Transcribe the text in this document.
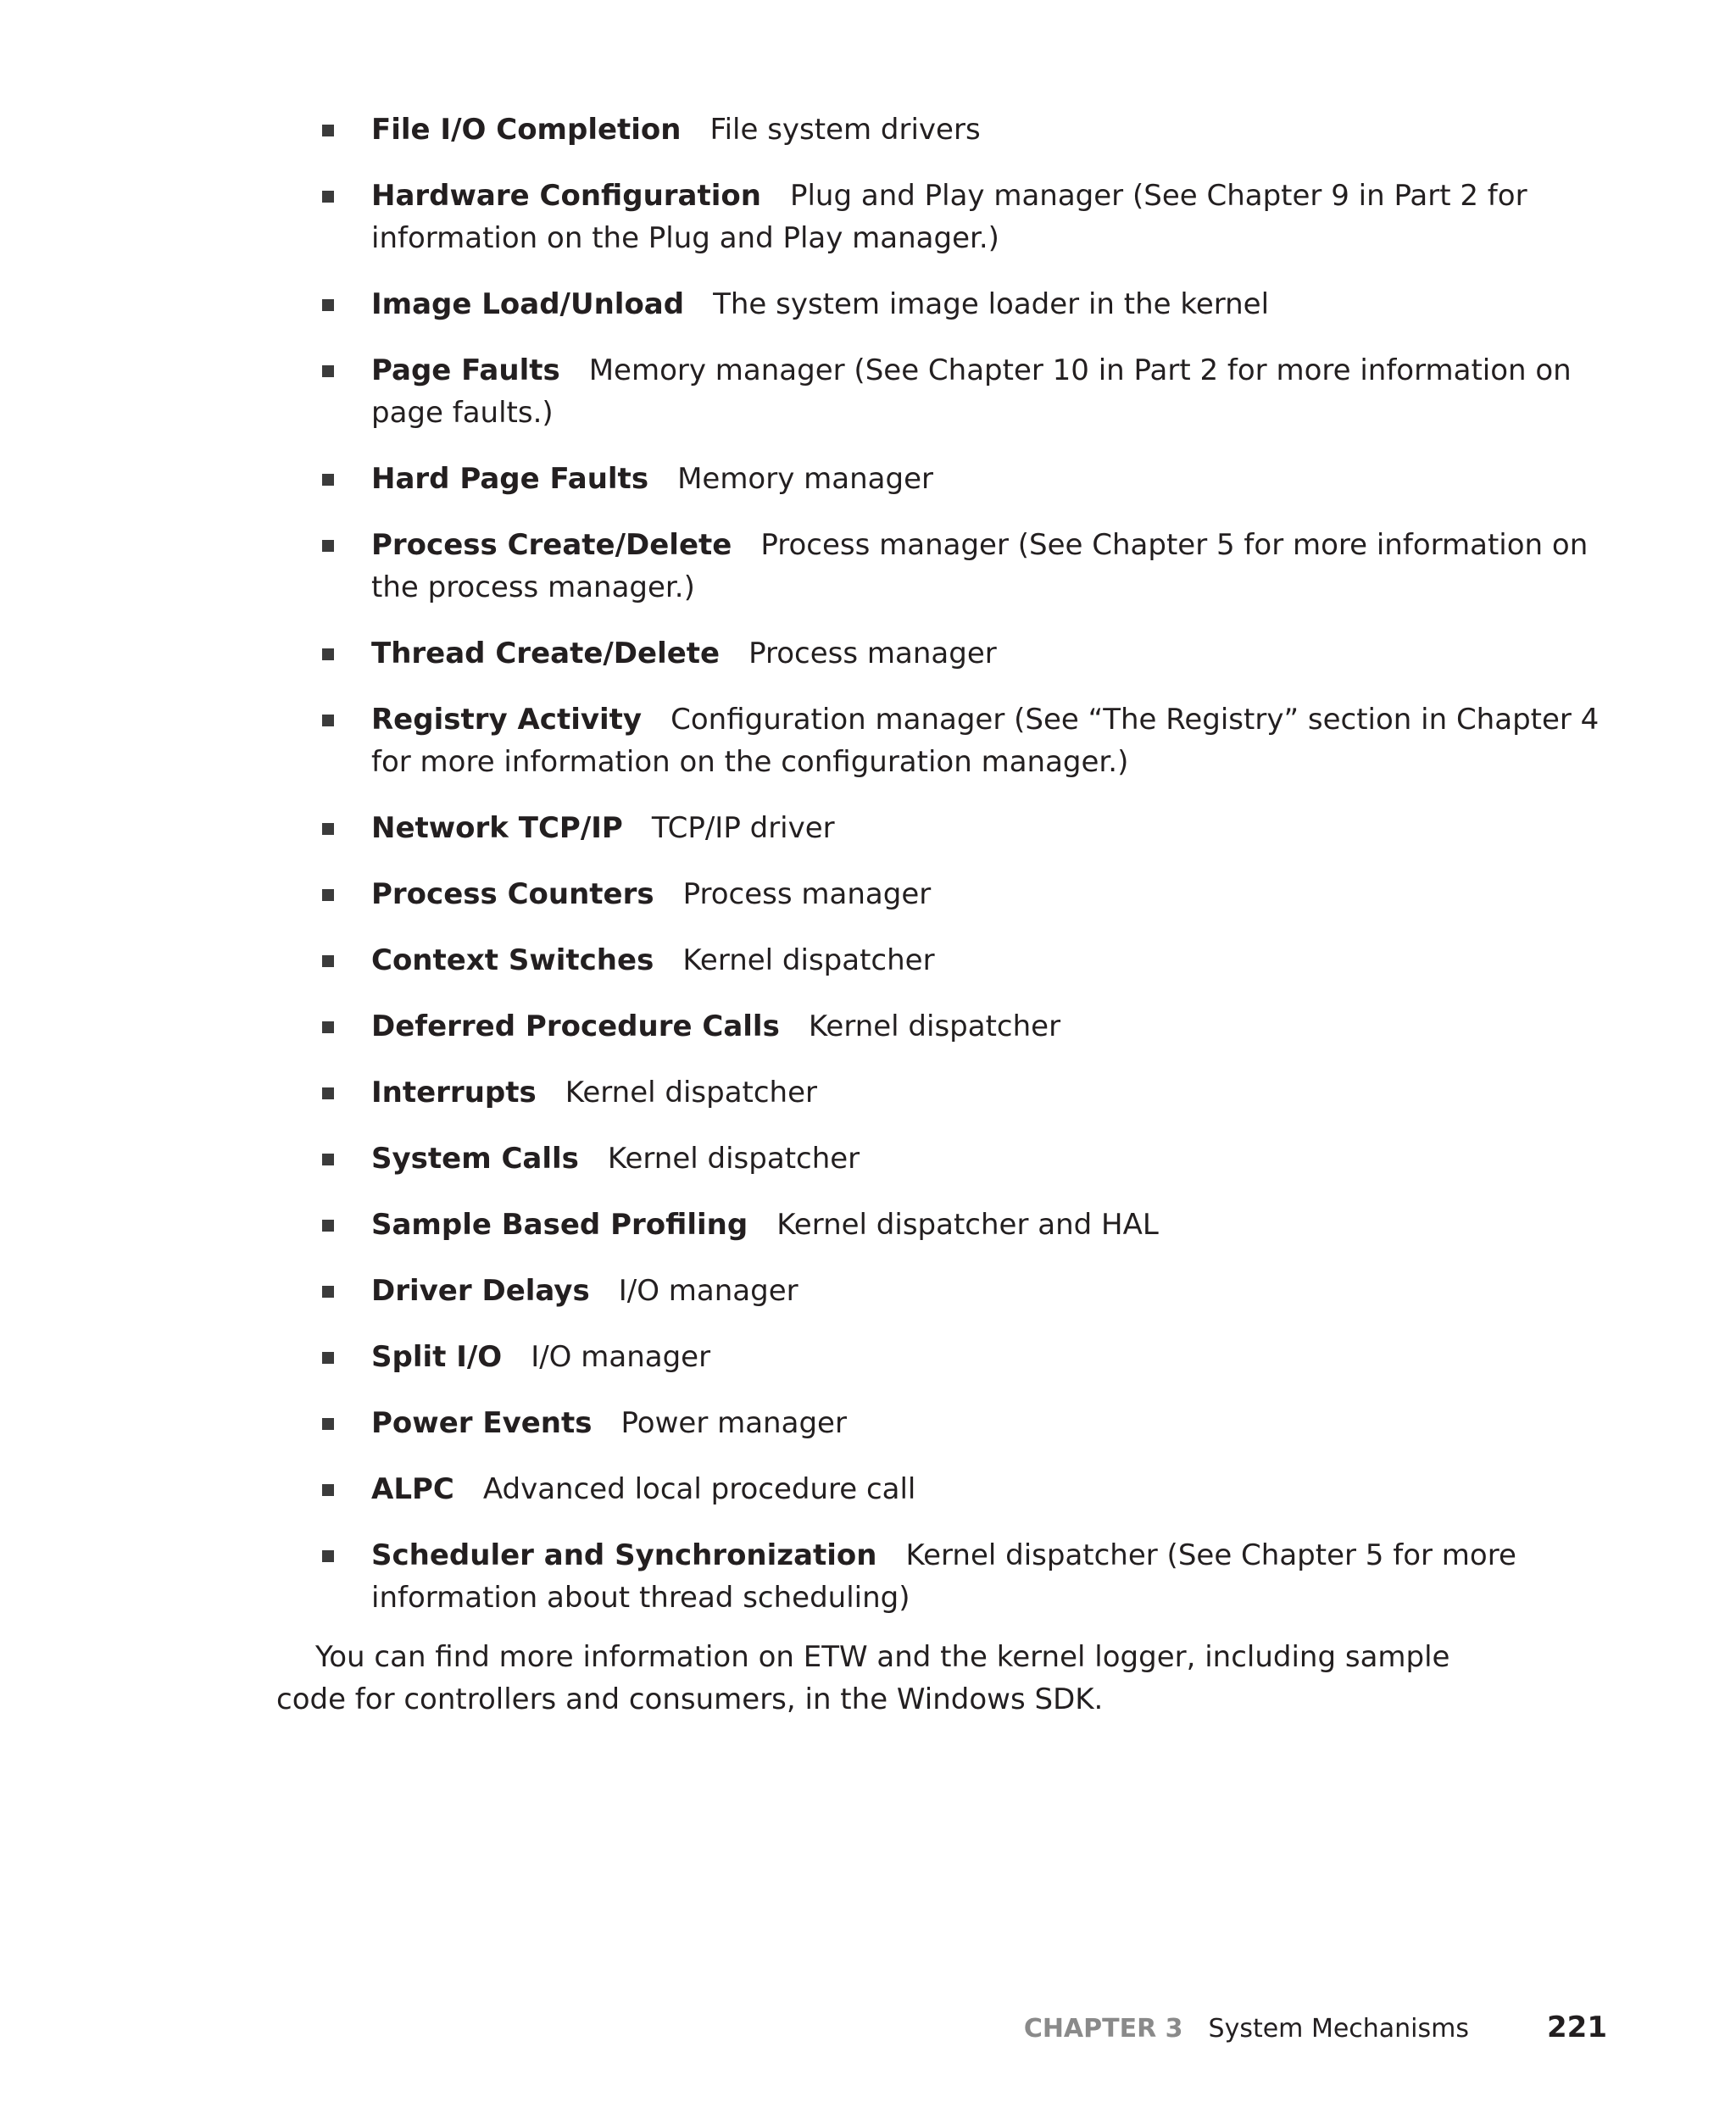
File I/O Completion File system drivers
Hardware Configuration Plug and Play manager (See Chapter 9 in Part 2 for information on the Plug and Play manager.)
Image Load/Unload The system image loader in the kernel
Page Faults Memory manager (See Chapter 10 in Part 2 for more information on page faults.)
Hard Page Faults Memory manager
Process Create/Delete Process manager (See Chapter 5 for more information on the process manager.)
Thread Create/Delete Process manager
Registry Activity Configuration manager (See “The Registry” section in Chapter 4 for more information on the configuration manager.)
Network TCP/IP TCP/IP driver
Process Counters Process manager
Context Switches Kernel dispatcher
Deferred Procedure Calls Kernel dispatcher
Interrupts Kernel dispatcher
System Calls Kernel dispatcher
Sample Based Profiling Kernel dispatcher and HAL
Driver Delays I/O manager
Split I/O I/O manager
Power Events Power manager
ALPC Advanced local procedure call
Scheduler and Synchronization Kernel dispatcher (See Chapter 5 for more information about thread scheduling)

You can find more information on ETW and the kernel logger, including sample code for controllers and consumers, in the Windows SDK.

CHAPTER 3 System Mechanisms	221
